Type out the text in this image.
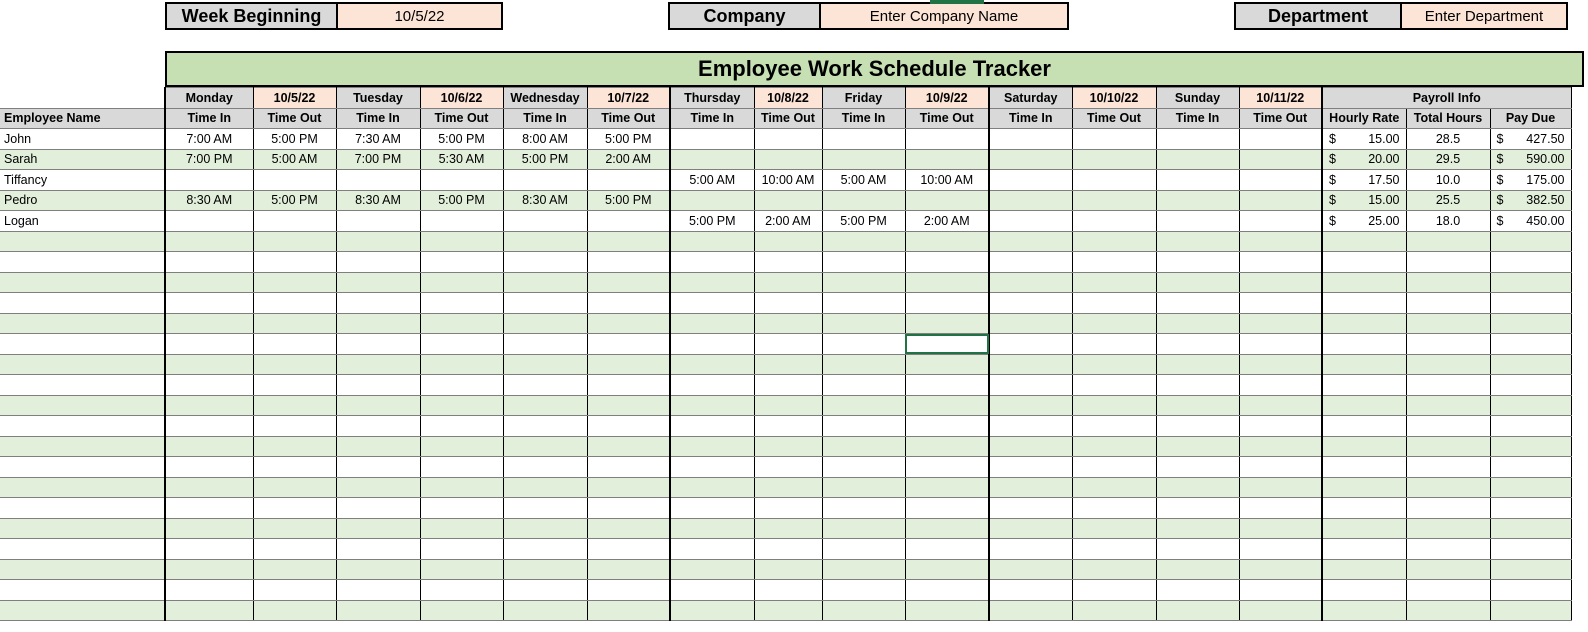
Week Beginning	10/5/22	Company	Enter Company Name	Department	Enter Department
Employee Work Schedule Tracker
	Monday	10/5/22	Tuesday	10/6/22	Wednesday	10/7/22	Thursday	10/8/22	Friday	10/9/22	Saturday	10/10/22	Sunday	10/11/22	Payroll Info		
Employee Name	Time In	Time Out	Time In	Time Out	Time In	Time Out	Time In	Time Out	Time In	Time Out	Time In	Time Out	Time In	Time Out	Hourly Rate	Total Hours	Pay Due
John	7:00 AM	5:00 PM	7:30 AM	5:00 PM	8:00 AM	5:00 PM									$ 15.00	28.5	$ 427.50
Sarah	7:00 PM	5:00 AM	7:00 PM	5:30 AM	5:00 PM	2:00 AM									$ 20.00	29.5	$ 590.00
Tiffancy							5:00 AM	10:00 AM	5:00 AM	10:00 AM					$ 17.50	10.0	$ 175.00
Pedro	8:30 AM	5:00 PM	8:30 AM	5:00 PM	8:30 AM	5:00 PM									$ 15.00	25.5	$ 382.50
Logan							5:00 PM	2:00 AM	5:00 PM	2:00 AM					$ 25.00	18.0	$ 450.00
